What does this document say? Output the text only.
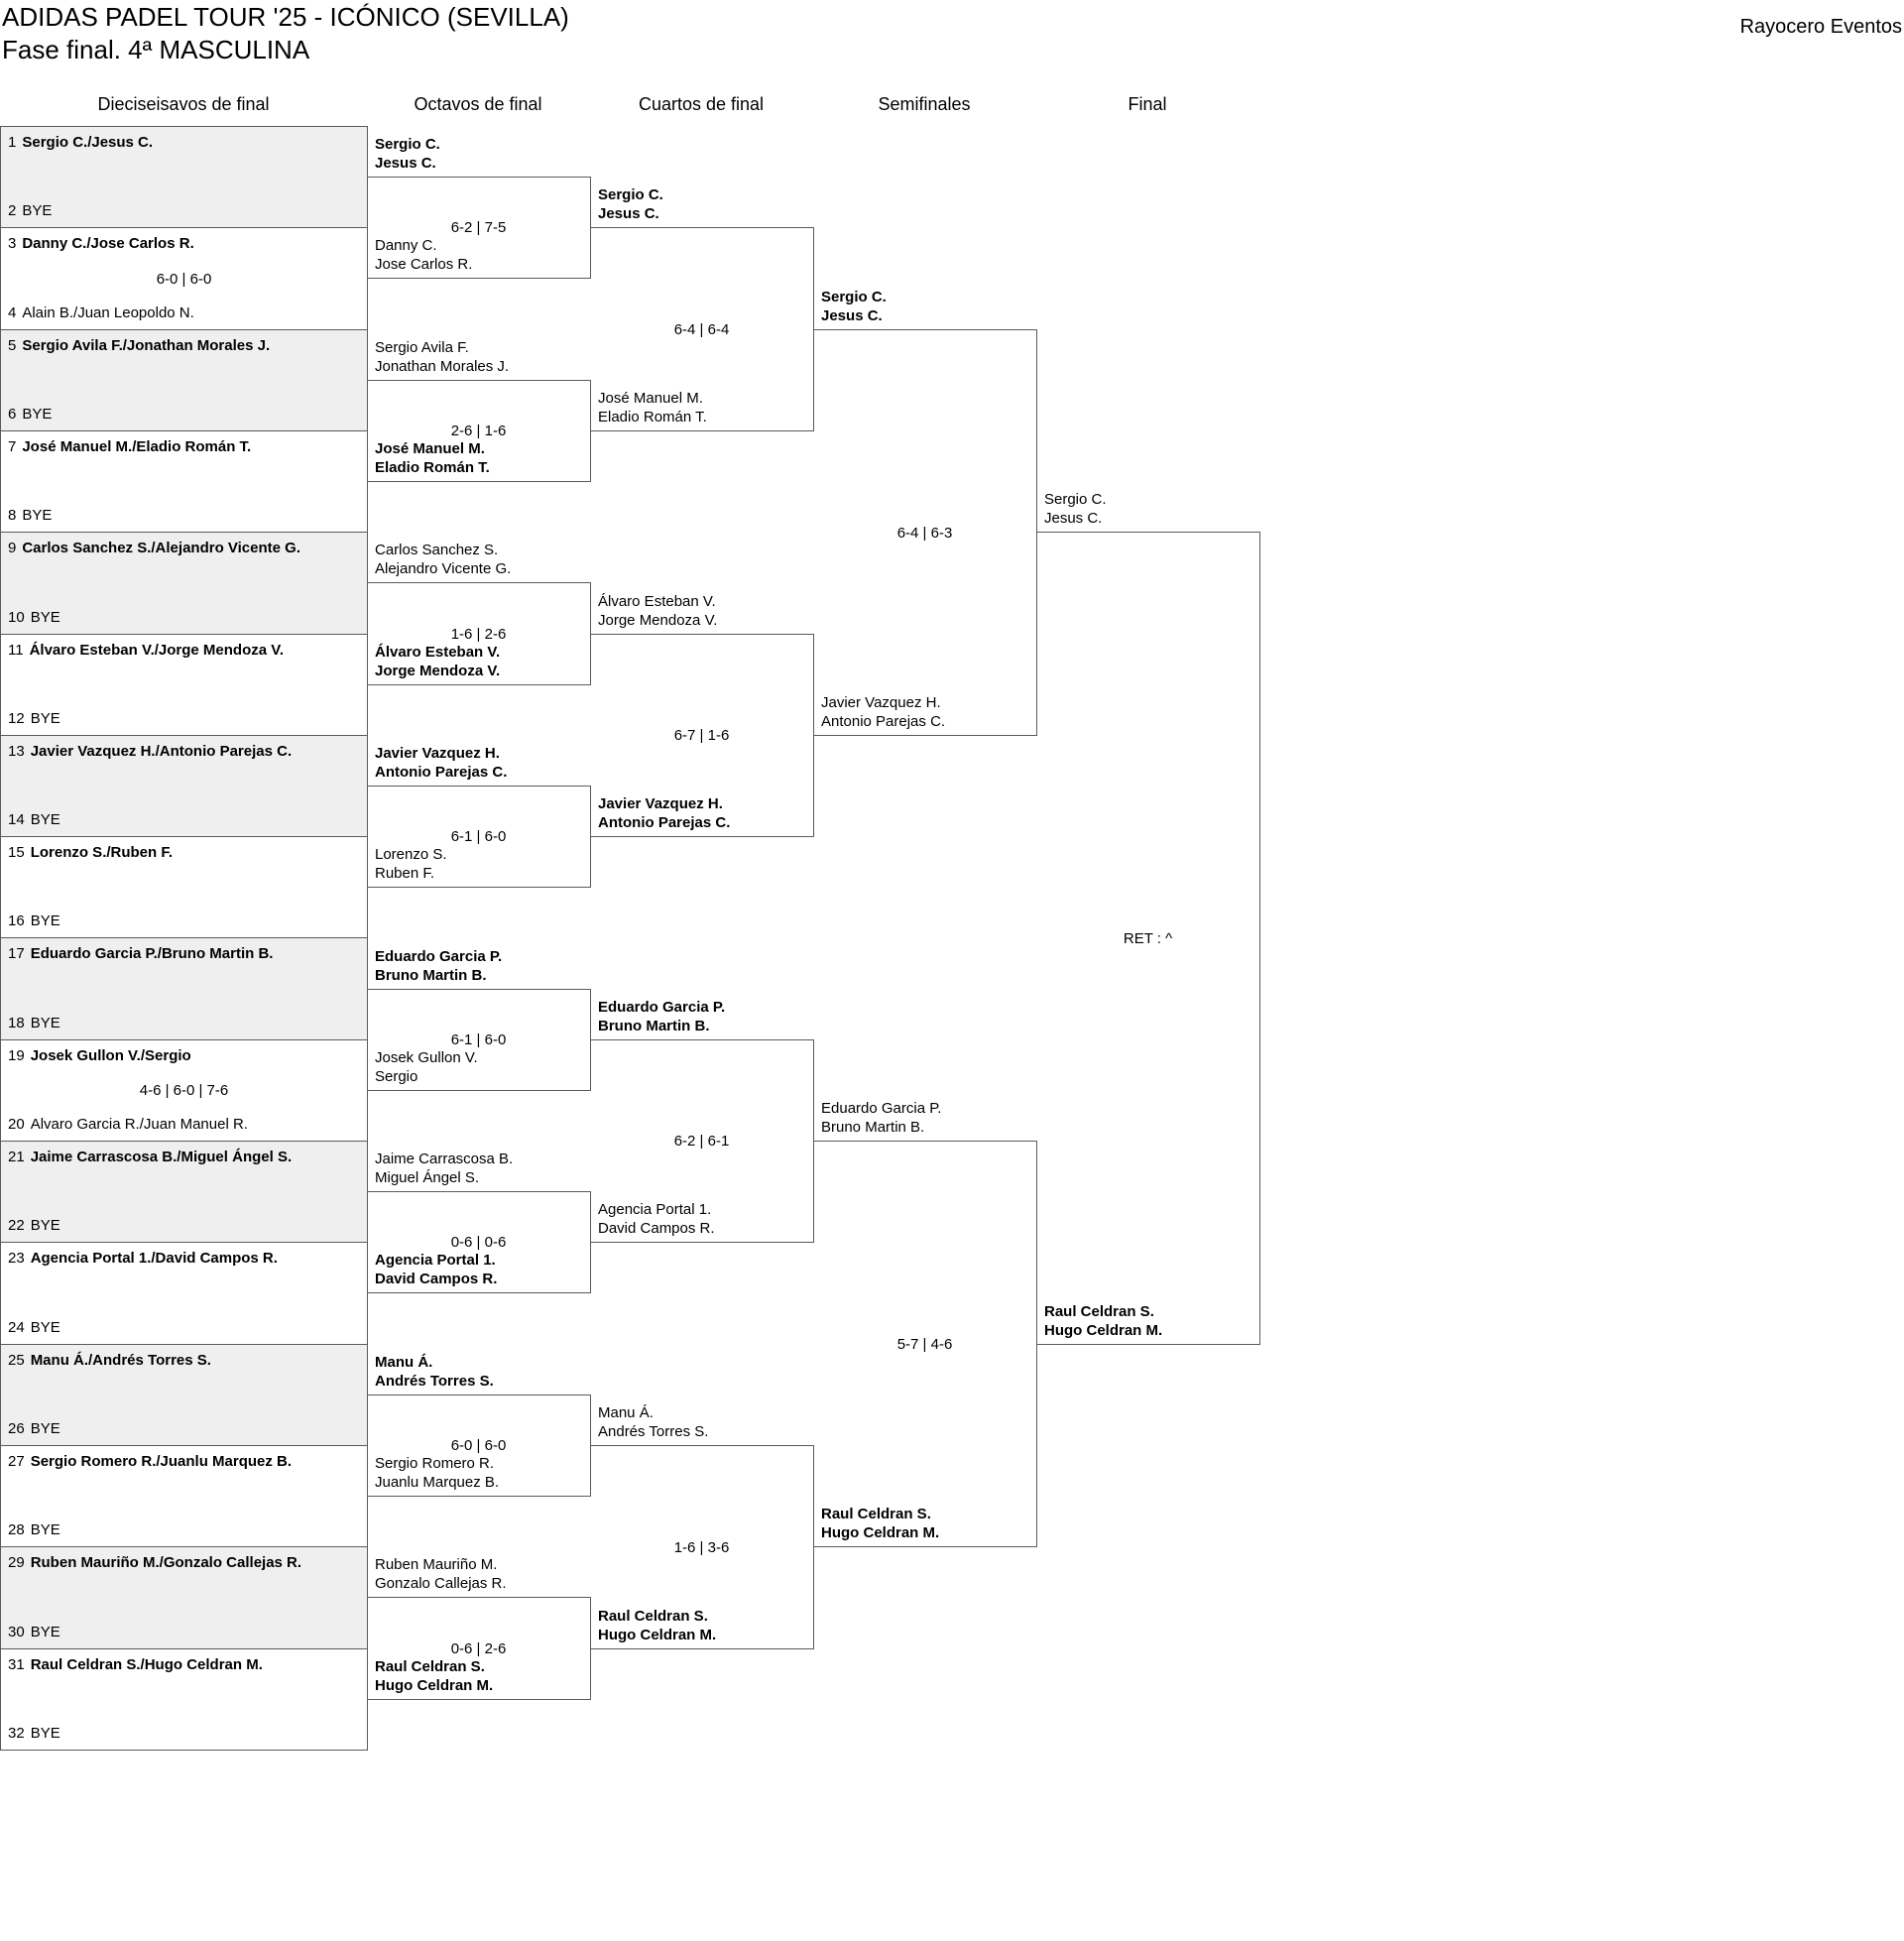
ADIDAS PADEL TOUR '25 - ICÓNICO (SEVILLA)
Fase final. 4ª MASCULINA
Rayocero Eventos
Dieciseisavos de final	Octavos de final	Cuartos de final	Semifinales	Final
1 Sergio C./Jesus C.
2 BYE
3 Danny C./Jose Carlos R.
4 Alain B./Juan Leopoldo N.
6-0 | 6-0
5 Sergio Avila F./Jonathan Morales J.
6 BYE
7 José Manuel M./Eladio Román T.
8 BYE
9 Carlos Sanchez S./Alejandro Vicente G.
10 BYE
11 Álvaro Esteban V./Jorge Mendoza V.
12 BYE
13 Javier Vazquez H./Antonio Parejas C.
14 BYE
15 Lorenzo S./Ruben F.
16 BYE
17 Eduardo Garcia P./Bruno Martin B.
18 BYE
19 Josek Gullon V./Sergio
20 Alvaro Garcia R./Juan Manuel R.
4-6 | 6-0 | 7-6
21 Jaime Carrascosa B./Miguel Ángel S.
22 BYE
23 Agencia Portal 1./David Campos R.
24 BYE
25 Manu Á./Andrés Torres S.
26 BYE
27 Sergio Romero R./Juanlu Marquez B.
28 BYE
29 Ruben Mauriño M./Gonzalo Callejas R.
30 BYE
31 Raul Celdran S./Hugo Celdran M.
32 BYE
Sergio C.
Jesus C.
Danny C.
Jose Carlos R.
6-2 | 7-5
Sergio Avila F.
Jonathan Morales J.
José Manuel M.
Eladio Román T.
2-6 | 1-6
Carlos Sanchez S.
Alejandro Vicente G.
Álvaro Esteban V.
Jorge Mendoza V.
1-6 | 2-6
Javier Vazquez H.
Antonio Parejas C.
Lorenzo S.
Ruben F.
6-1 | 6-0
Eduardo Garcia P.
Bruno Martin B.
Josek Gullon V.
Sergio
6-1 | 6-0
Jaime Carrascosa B.
Miguel Ángel S.
Agencia Portal 1.
David Campos R.
0-6 | 0-6
Manu Á.
Andrés Torres S.
Sergio Romero R.
Juanlu Marquez B.
6-0 | 6-0
Ruben Mauriño M.
Gonzalo Callejas R.
Raul Celdran S.
Hugo Celdran M.
0-6 | 2-6
Sergio C.
Jesus C.
José Manuel M.
Eladio Román T.
6-4 | 6-4
Álvaro Esteban V.
Jorge Mendoza V.
Javier Vazquez H.
Antonio Parejas C.
6-7 | 1-6
Eduardo Garcia P.
Bruno Martin B.
Agencia Portal 1.
David Campos R.
6-2 | 6-1
Manu Á.
Andrés Torres S.
Raul Celdran S.
Hugo Celdran M.
1-6 | 3-6
Sergio C.
Jesus C.
Javier Vazquez H.
Antonio Parejas C.
6-4 | 6-3
Eduardo Garcia P.
Bruno Martin B.
Raul Celdran S.
Hugo Celdran M.
5-7 | 4-6
Sergio C.
Jesus C.
Raul Celdran S.
Hugo Celdran M.
RET : ^
